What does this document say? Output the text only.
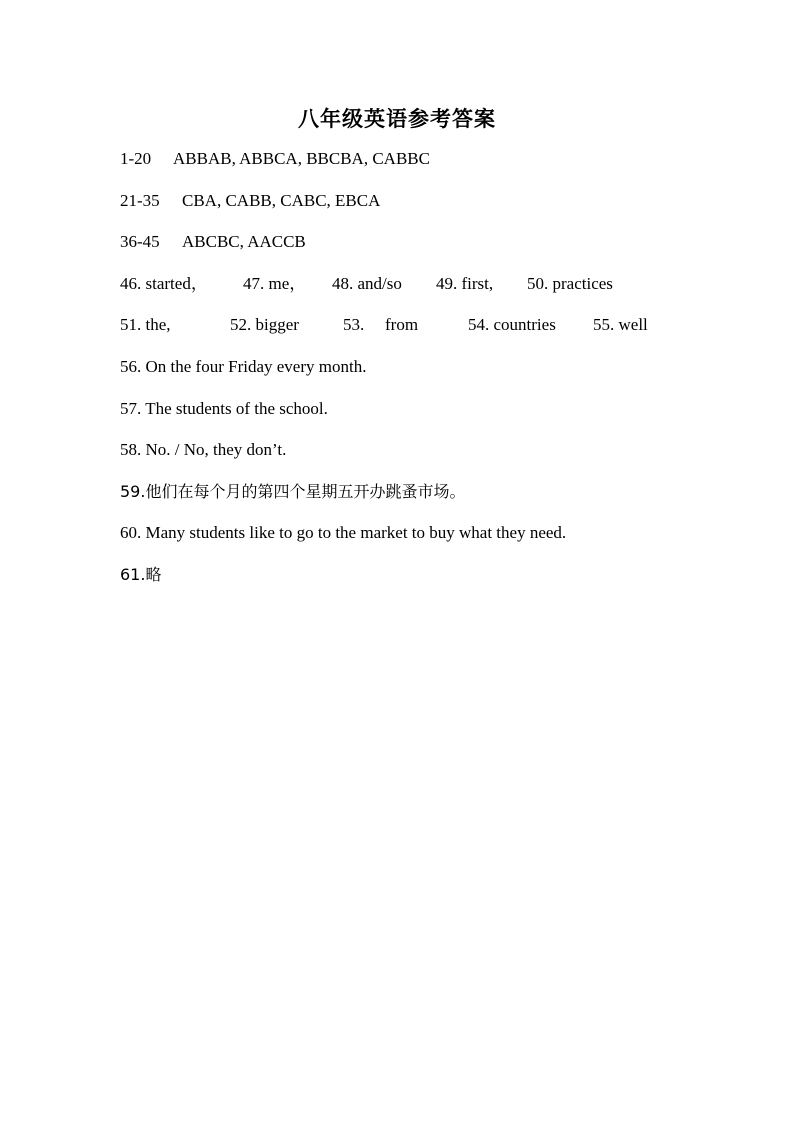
八年级英语参考答案
1-20 ABBAB, ABBCA, BBCBA, CABBC
21-35 CBA, CABB, CABC, EBCA
36-45 ABCBC, AACCB
46. started， 47. me， 48. and/so 49. first, 50. practices
51. the,	52. bigger	53. from	54. countries 55. well
56. On the four Friday every month.
57. The students of the school.
58. No. / No, they don’t.
59.他们在每个月的第四个星期五开办跳蚤市场。
60. Many students like to go to the market to buy what they need.
61.略
